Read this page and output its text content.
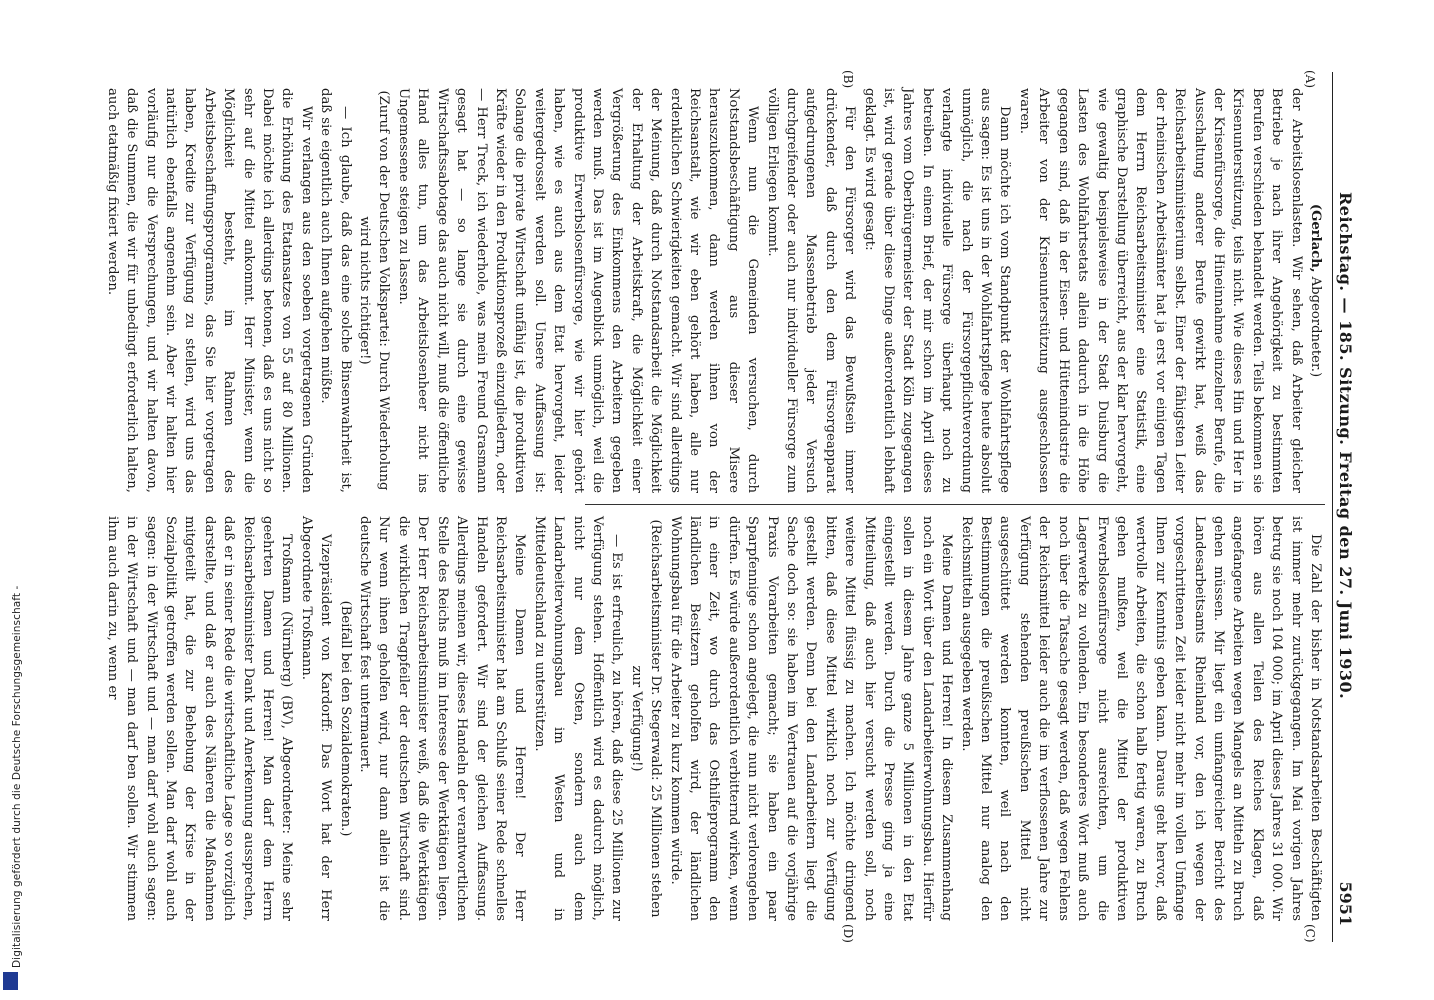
Digitalisierung gefördert durch die Deutsche Forschungsgemeinschaft -
Reichstag. — 185. Sitzung. Freitag den 27. Juni 1930.
5951
(A)
(B)
(C)
(D)

(Gerlach, Abgeordneter.)

der Arbeitslosenlasten. Wir sehen, daß Arbeiter gleicher Betriebe je nach ihrer Angehörigkeit zu bestimmten Berufen verschieden behandelt werden. Teils bekommen sie Krisenunterstützung, teils nicht. Wie dieses Hin und Her in der Krisenfürsorge, die Hineinnahme einzelner Berufe, die Ausschaltung anderer Berufe gewirkt hat, weiß das Reichsarbeitsministerium selbst. Einer der fähigsten Leiter der rheinischen Arbeitsämter hat ja erst vor einigen Tagen dem Herrn Reichsarbeitsminister eine Statistik, eine graphische Darstellung überreicht, aus der klar hervorgeht, wie gewaltig beispielsweise in der Stadt Duisburg die Lasten des Wohlfahrtsetats allein dadurch in die Höhe gegangen sind, daß in der Eisen- und Hüttenindustrie die Arbeiter von der Krisenunterstützung ausgeschlossen waren.

Dann möchte ich vom Standpunkt der Wohlfahrtspflege aus sagen: Es ist uns in der Wohlfahrtspflege heute absolut unmöglich, die nach der Fürsorgepflichtverordnung verlangte individuelle Fürsorge überhaupt noch zu betreiben. In einem Brief, der mir schon im April dieses Jahres vom Oberbürgermeister der Stadt Köln zugegangen ist, wird gerade über diese Dinge außerordentlich lebhaft geklagt. Es wird gesagt:

Für den Fürsorger wird das Bewußtsein immer drückender, daß durch den dem Fürsorgeapparat aufgedrungenen Massenbetrieb jeder Versuch durchgreifender oder auch nur individueller Fürsorge zum völligen Erliegen kommt.

Wenn nun die Gemeinden versuchen, durch Notstandsbeschäftigung aus dieser Misere herauszukommen, dann werden ihnen von der Reichsanstalt, wie wir eben gehört haben, alle nur erdenklichen Schwierigkeiten gemacht. Wir sind allerdings der Meinung, daß durch Notstandsarbeit die Möglichkeit der Erhaltung der Arbeitskraft, die Möglichkeit einer Vergrößerung des Einkommens den Arbeitern gegeben werden muß. Das ist im Augenblick unmöglich, weil die produktive Erwerbslosenfürsorge, wie wir hier gehört haben, wie es auch aus dem Etat hervorgeht, leider weitergedrosselt werden soll. Unsere Auffassung ist: Solange die private Wirtschaft unfähig ist, die produktiven Kräfte wieder in den Produktionsprozeß einzugliedern, oder — Herr Treck, ich wiederhole, was mein Freund Grasmann gesagt hat — so lange sie durch eine gewisse Wirtschaftssabotage das auch nicht will, muß die öffentliche Hand alles tun, um das Arbeitslosenheer nicht ins Ungemessene steigen zu lassen.

(Zuruf von der Deutschen Volkspartei: Durch Wiederholung wird nichts richtiger!)

— Ich glaube, daß das eine solche Binsenwahrheit ist, daß sie eigentlich auch Ihnen aufgehen müßte.

Wir verlangen aus den soeben vorgetragenen Gründen die Erhöhung des Etatansatzes von 55 auf 80 Millionen. Dabei möchte ich allerdings betonen, daß es uns nicht so sehr auf die Mittel ankommt. Herr Minister, wenn die Möglichkeit besteht, im Rahmen des Arbeitsbeschaffungsprogramms, das Sie hier vorgetragen haben, Kredite zur Verfügung zu stellen, wird uns das natürlich ebenfalls angenehm sein. Aber wir halten hier vorläufig nur die Versprechungen, und wir halten davon, daß die Summen, die wir für unbedingt erforderlich halten, auch etatmäßig fixiert werden.

Die Zahl der bisher in Notstandsarbeiten Beschäftigten ist immer mehr zurückgegangen. Im Mai vorigen Jahres betrug sie noch 104 000; im April dieses Jahres 31 000. Wir hören aus allen Teilen des Reiches Klagen, daß angefangene Arbeiten wegen Mangels an Mitteln zu Bruch gehen müssen. Mir liegt ein umfangreicher Bericht des Landesarbeitsamts Rheinland vor, den ich wegen der vorgeschrittenen Zeit leider nicht mehr im vollen Umfange Ihnen zur Kenntnis geben kann. Daraus geht hervor, daß wertvolle Arbeiten, die schon halb fertig waren, zu Bruch gehen mußten, weil die Mittel der produktiven Erwerbslosenfürsorge nicht ausreichten, um die Lagerwerke zu vollenden. Ein besonderes Wort muß auch noch über die Tatsache gesagt werden, daß wegen Fehlens der Reichsmittel leider auch die im verflossenen Jahre zur Verfügung stehenden preußischen Mittel nicht ausgeschüttet werden konnten, weil nach den Bestimmungen die preußischen Mittel nur analog den Reichsmitteln ausgegeben werden.

Meine Damen und Herren! In diesem Zusammenhang noch ein Wort über den Landarbeiterwohnungsbau. Hierfür sollen in diesem Jahre ganze 5 Millionen in den Etat eingestellt werden. Durch die Presse ging ja eine Mitteilung, daß auch hier versucht werden soll, noch weitere Mittel flüssig zu machen. Ich möchte dringend bitten, daß diese Mittel wirklich noch zur Verfügung gestellt werden. Denn bei den Landarbeitern liegt die Sache doch so: sie haben im Vertrauen auf die vorjährige Praxis Vorarbeiten gemacht; sie haben ein paar Sparpfennige schon angelegt, die nun nicht verlorengehen dürfen. Es würde außerordentlich verbitternd wirken, wenn in einer Zeit, wo durch das Osthilfeprogramm den ländlichen Besitzern geholfen wird, der ländlichen Wohnungsbau für die Arbeiter zu kurz kommen würde.

(Reichsarbeitsminister Dr. Stegerwald: 25 Millionen stehen zur Verfügung!)

— Es ist erfreulich, zu hören, daß diese 25 Millionen zur Verfügung stehen. Hoffentlich wird es dadurch möglich, nicht nur dem Osten, sondern auch dem Landarbeiterwohnungsbau im Westen und in Mitteldeutschland zu unterstützen.

Meine Damen und Herren! Der Herr Reichsarbeitsminister hat am Schluß seiner Rede schnelles Handeln gefordert. Wir sind der gleichen Auffassung. Allerdings meinen wir, dieses Handeln der verantwortlichen Stelle des Reichs muß im Interesse der Werktätigen liegen. Der Herr Reichsarbeitsminister weiß, daß die Werktätigen die wirklichen Tragpfeiler der deutschen Wirtschaft sind. Nur wenn ihnen geholfen wird, nur dann allein ist die deutsche Wirtschaft fest untermauert.

(Beifall bei den Sozialdemokraten.)

Vizepräsident von Kardorff: Das Wort hat der Herr Abgeordnete Troßmann.

Troßmann (Nürnberg) (BV), Abgeordneter: Meine sehr geehrten Damen und Herren! Man darf dem Herrn Reichsarbeitsminister Dank und Anerkennung aussprechen, daß er in seiner Rede die wirtschaftliche Lage so vorzüglich darstellte, und daß er auch des Näheren die Maßnahmen mitgeteilt hat, die zur Behebung der Krise in der Sozialpolitik getroffen werden sollen. Man darf wohl auch sagen: in der Wirtschaft und — man darf wohl auch sagen: in der Wirtschaft und — man darf ben sollen. Wir stimmen ihm auch darin zu, wenn er
